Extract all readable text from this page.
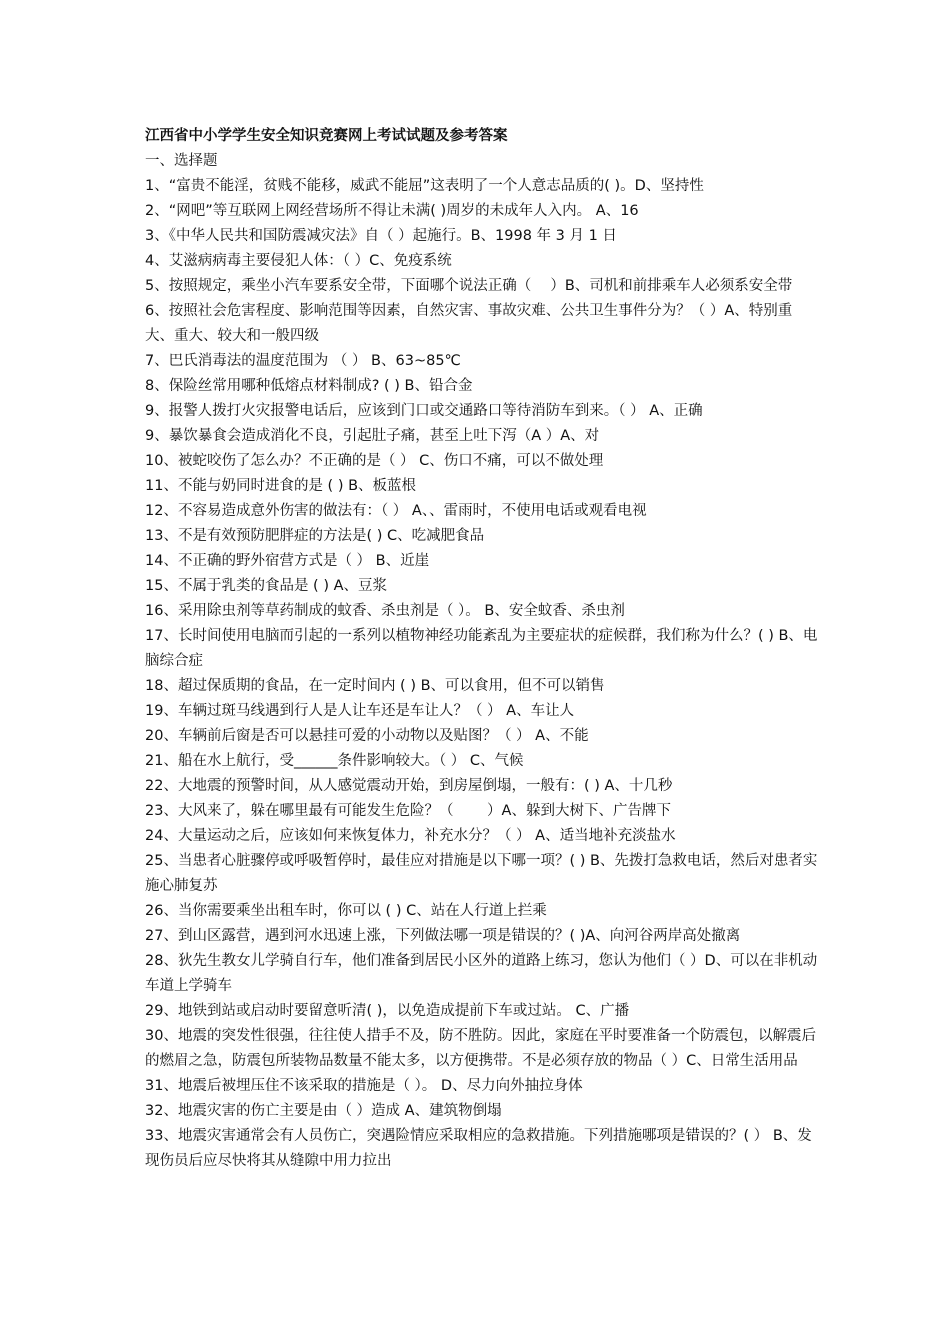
江西省中小学学生安全知识竞赛网上考试试题及参考答案

一、选择题

1、“富贵不能淫，贫贱不能移，威武不能屈”这表明了一个人意志品质的( )。D、坚持性

2、“网吧”等互联网上网经营场所不得让未满( )周岁的未成年人入内。 A、16

3、《中华人民共和国防震减灾法》自（ ）起施行。B、1998 年 3 月 1 日

4、艾滋病病毒主要侵犯人体：（ ）C、免疫系统

5、按照规定，乘坐小汽车要系安全带，下面哪个说法正确（　 ）B、司机和前排乘车人必须系安全带

6、按照社会危害程度、影响范围等因素，自然灾害、事故灾难、公共卫生事件分为？（ ）A、特别重大、重大、较大和一般四级

7、巴氏消毒法的温度范围为 （ ） B、63~85℃

8、保险丝常用哪种低熔点材料制成? ( ) B、铅合金

9、报警人拨打火灾报警电话后，应该到门口或交通路口等待消防车到来。（ ） A、正确

9、暴饮暴食会造成消化不良，引起肚子痛，甚至上吐下泻（A ）A、对

10、被蛇咬伤了怎么办？不正确的是（ ） C、伤口不痛，可以不做处理

11、不能与奶同时进食的是 ( ) B、板蓝根

12、不容易造成意外伤害的做法有：（ ） A、、雷雨时，不使用电话或观看电视

13、不是有效预防肥胖症的方法是( ) C、吃减肥食品

14、不正确的野外宿营方式是（ ） B、近崖

15、不属于乳类的食品是 ( ) A、豆浆

16、采用除虫剂等草药制成的蚊香、杀虫剂是（ ）。 B、安全蚊香、杀虫剂

17、长时间使用电脑而引起的一系列以植物神经功能紊乱为主要症状的症候群，我们称为什么？( ) B、电脑综合症

18、超过保质期的食品，在一定时间内 ( ) B、可以食用，但不可以销售

19、车辆过斑马线遇到行人是人让车还是车让人？（ ） A、车让人

20、车辆前后窗是否可以悬挂可爱的小动物以及贴图？（ ） A、不能

21、船在水上航行，受______条件影响较大。（ ） C、气候

22、大地震的预警时间，从人感觉震动开始，到房屋倒塌，一般有：( ) A、十几秒

23、大风来了，躲在哪里最有可能发生危险？（　　 ）A、躲到大树下、广告牌下

24、大量运动之后，应该如何来恢复体力，补充水分？（ ） A、适当地补充淡盐水

25、当患者心脏骤停或呼吸暂停时，最佳应对措施是以下哪一项？( ) B、先拨打急救电话，然后对患者实施心肺复苏

26、当你需要乘坐出租车时，你可以 ( ) C、站在人行道上拦乘

27、到山区露营，遇到河水迅速上涨，下列做法哪一项是错误的？( )A、向河谷两岸高处撤离

28、狄先生教女儿学骑自行车，他们准备到居民小区外的道路上练习，您认为他们（ ）D、可以在非机动车道上学骑车

29、地铁到站或启动时要留意听清( )，以免造成提前下车或过站。 C、广播

30、地震的突发性很强，往往使人措手不及，防不胜防。因此，家庭在平时要准备一个防震包，以解震后的燃眉之急，防震包所装物品数量不能太多，以方便携带。不是必须存放的物品（ ）C、日常生活用品

31、地震后被埋压住不该采取的措施是（ ）。 D、尽力向外抽拉身体

32、地震灾害的伤亡主要是由（ ）造成 A、建筑物倒塌

33、地震灾害通常会有人员伤亡，突遇险情应采取相应的急救措施。下列措施哪项是错误的？( ） B、发现伤员后应尽快将其从缝隙中用力拉出
